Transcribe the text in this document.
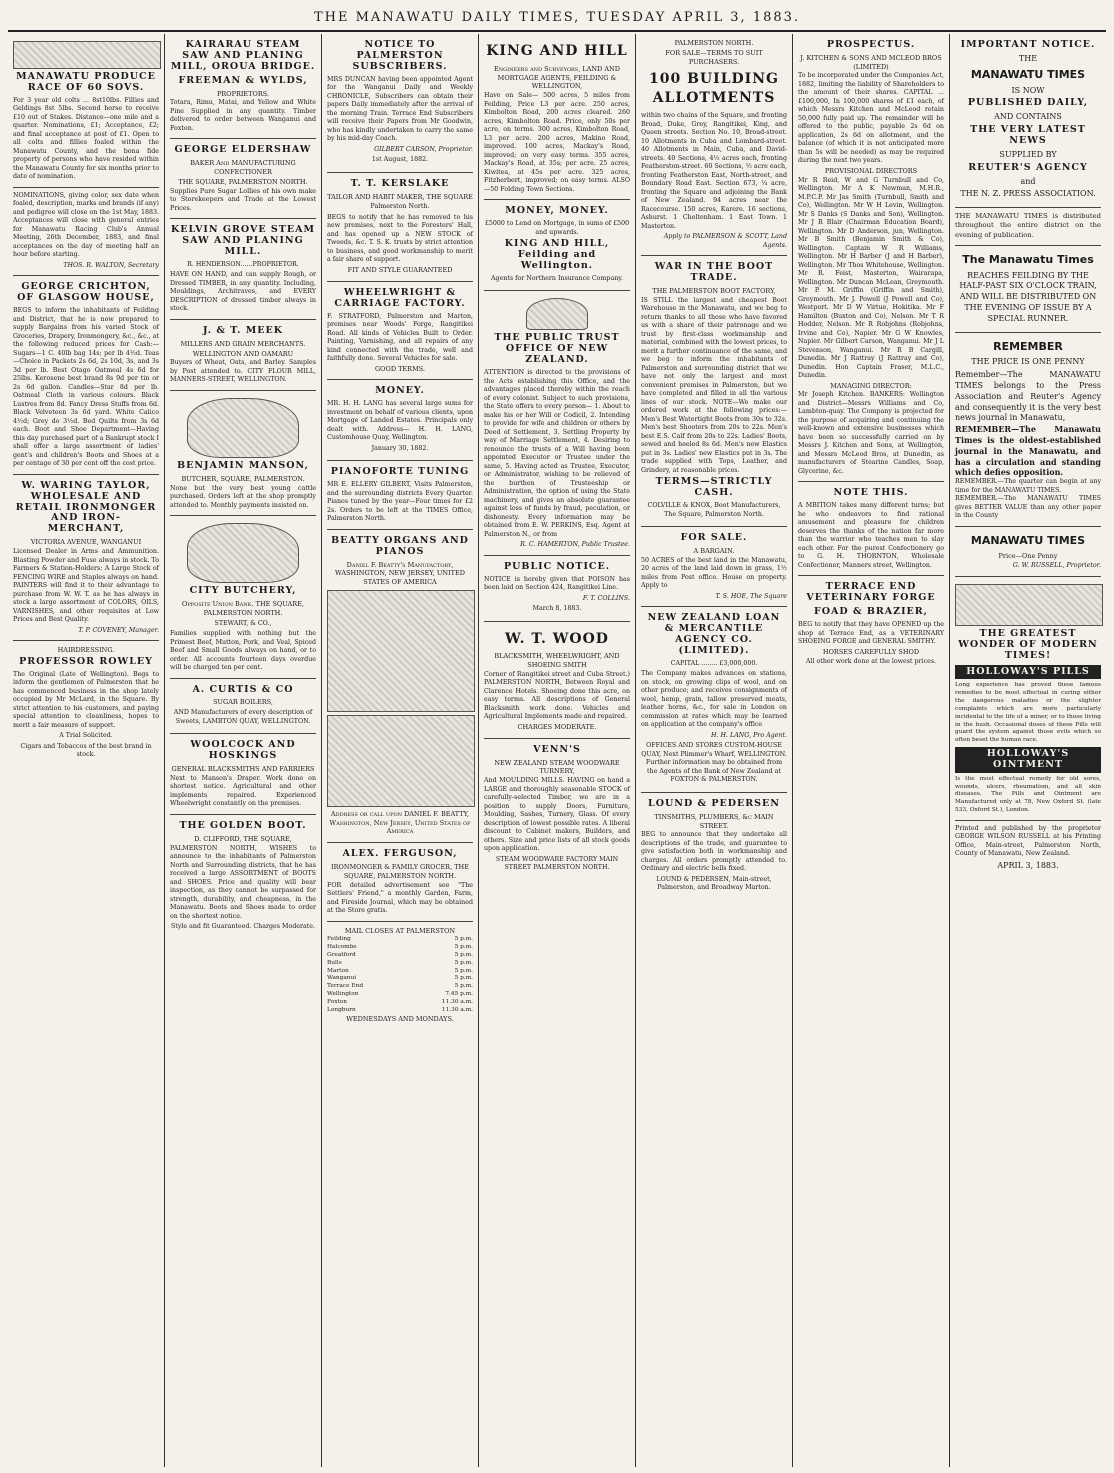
THE MANAWATU DAILY TIMES, TUESDAY APRIL 3, 1883.
MANAWATU PRODUCE RACE OF 60 SOVS.
For 3 year old colts ... 8st10lbs. Fillies and Geldings 8st 5lbs. Second horse to receive £10 out of Stakes. Distance—one mile and a quarter. Nominations, £1; Acceptance, £2; and final acceptance at post of £1. Open to all colts and fillies foaled within the Manawatu County, and the bona fide property of persons who have resided within the Manawatu County for six months prior to date of nomination.
NOMINATIONS, giving color, sex date when foaled, description, marks and brands (if any) and pedigree will close on the 1st May, 1883. Acceptances will close with general entries for Manawatu Racing Club's Annual Meeting, 26th December, 1883, and final acceptances on the day of meeting half an hour before starting.
THOS. R. WALTON, Secretary
GEORGE CRICHTON, OF GLASGOW HOUSE,
BEGS to inform the inhabitants of Feilding and District, that he is now prepared to supply Bargains from his varied Stock of Groceries, Drapery, Ironmongery, &c., &c., at the following reduced prices for Cash:— Sugars—1 C. 40lb bag 14s; per lb 4½d. Teas—Choice in Packets 2s 6d, 2s 10d, 3s, and 3s 3d per lb. Best Otago Oatmeal 4s 6d for 25lbs. Kerosene best brand 8s 9d per tin or 2s 6d gallon. Candles—Star 8d per lb. Oatmeal Cloth in various colours. Black Lustres from 8d. Fancy Dress Stuffs from 6d. Black Velveteen 3s 6d yard. White Calico 4½d; Grey do 3½d. Bed Quilts from 3s 6d each. Boot and Shoe Department—Having this day purchased part of a Bankrupt stock I shall offer a large assortment of ladies' gent's and children's Boots and Shoes at a per centage of 30 per cent off the cost price.
W. WARING TAYLOR, WHOLESALE AND RETAIL IRONMONGER AND IRON-MERCHANT,
VICTORIA AVENUE, WANGANUI
Licensed Dealer in Arms and Ammunition. Blasting Powder and Fuse always in stock. To Farmers & Station-Holders: A Large Stock of FENCING WIRE and Staples always on hand. PAINTERS will find it to their advantage to purchase from W. W. T. as he has always in stock a large assortment of COLORS, OILS, VARNISHES, and other requisites at Low Prices and Best Quality.
T. P. COVENEY, Manager.
HAIRDRESSING.
PROFESSOR ROWLEY
The Original (Late of Wellington). Begs to inform the gentlemen of Palmerston that he has commenced business in the shop lately occupied by Mr McLard, in the Square. By strict attention to his customers, and paying special attention to cleanliness, hopes to merit a fair measure of support.
A Trial Solicited.
Cigars and Tobaccos of the best brand in stock.
KAIRARAU STEAM SAW AND PLANING MILL, OROUA BRIDGE.
FREEMAN & WYLDS,
PROPRIETORS.
Totara, Rimu, Matai, and Yellow and White Pine Supplied in any quantity. Timber delivered to order between Wanganui and Foxton.
GEORGE ELDERSHAW
BAKER And MANUFACTURING CONFECTIONER
THE SQUARE, PALMERSTON NORTH.
Supplies Pure Sugar Lollies of his own make to Storekeepers and Trade at the Lowest Prices.
KELVIN GROVE STEAM SAW AND PLANING MILL.
R. HENDERSON......PROPRIETOR.
HAVE ON HAND, and can supply Rough, or Dressed TIMBER, in any quantity. Including, Mouldings, Architraves, and EVERY DESCRIPTION of dressed timber always in stock.
J. & T. MEEK
MILLERS AND GRAIN MERCHANTS.
WELLINGTON AND OAMARU
Buyers of Wheat, Oats, and Barley. Samples by Post attended to. CITY FLOUR MILL, MANNERS-STREET, WELLINGTON.
BENJAMIN MANSON,
BUTCHER, SQUARE, PALMERSTON.
None but the very best young cattle purchased. Orders left at the shop promptly attended to. Monthly payments insisted on.
CITY BUTCHERY,
Opposite Union Bank. THE SQUARE, PALMERSTON NORTH.
STEWART, & CO.,
Families supplied with nothing but the Primest Beef, Mutton, Pork, and Veal, Spiced Beef and Small Goods always on hand, or to order. All accounts fourteen days overdue will be charged ten per cent.
A. CURTIS & CO
SUGAR BOILERS,
AND Manufacturers of every description of Sweets, LAMBTON QUAY, WELLINGTON.
WOOLCOCK AND HOSKINGS
GENERAL BLACKSMITHS AND FARRIERS
Next to Manson's Draper. Work done on shortest notice. Agricultural and other implements repaired. Experienced Wheelwright constantly on the premises.
THE GOLDEN BOOT.
D. CLIFFORD, THE SQUARE,
PALMERSTON NORTH, WISHES to announce to the inhabitants of Palmerston North and Surrounding districts, that he has received a large ASSORTMENT of BOOTS and SHOES. Price and quality will bear inspection, as they cannot be surpassed for strength, durability, and cheapness, in the Manawatu. Boots and Shoes made to order on the shortest notice.
Style and fit Guaranteed. Charges Moderate.
NOTICE TO PALMERSTON SUBSCRIBERS.
MRS DUNCAN having been appointed Agent for the Wanganui Daily and Weekly CHRONICLE, Subscribers can obtain their papers Daily immediately after the arrival of the morning Train. Terrace End Subscribers will receive their Papers from Mr Goodwin, who has kindly undertaken to carry the same by his mid-day Coach.
GILBERT CARSON, Proprietor.
1st August, 1882.
T. T. KERSLAKE
TAILOR AND HABIT MAKER, THE SQUARE
Palmerston North.
BEGS to notify that he has removed to his new premises, next to the Foresters' Hall, and has opened up a NEW STOCK of Tweeds, &c. T. S. K. trusts by strict attention to business, and good workmanship to merit a fair share of support.
FIT AND STYLE GUARANTEED
WHEELWRIGHT & CARRIAGE FACTORY.
F. STRATFORD, Palmerston and Marton, premises near Woods' Forge, Rangitikei Road. All kinds of Vehicles Built to Order. Painting, Varnishing, and all repairs of any kind connected with the trade, well and faithfully done. Several Vehicles for sale.
GOOD TERMS.
MONEY.
MR. H. H. LANG has several large sums for investment on behalf of various clients, upon Mortgage of Landed Estates. Principals only dealt with. Address— H. H. LANG, Customhouse Quay, Wellington.
January 30, 1882.
PIANOFORTE TUNING
MR E. ELLERY GILBERT, Visits Palmerston, and the surrounding districts Every Quarter. Pianos tuned by the year—Four times for £2 2s. Orders to be left at the TIMES Office, Palmerston North.
BEATTY ORGANS AND PIANOS
Daniel F. Beatty's Manufactory, WASHINGTON, NEW JERSEY, UNITED STATES OF AMERICA
Address or call upon DANIEL F. BEATTY, Washington, New Jersey, United States of America
ALEX. FERGUSON,
IRONMONGER & FAMILY GROCER, THE SQUARE, PALMERSTON NORTH.
FOR detailed advertisement see "The Settlers' Friend," a monthly Garden, Farm, and Fireside Journal, which may be obtained at the Store gratis.
MAIL CLOSES AT PALMERSTON
Feilding	5 p.m.
Halcombe	5 p.m.
Greatford	5 p.m.
Bulls	5 p.m.
Marton	5 p.m.
Wanganui	5 p.m.
Terrace End	5 p.m.
Wellington	7.45 p.m.
Foxton	11.30 a.m.
Longburn	11.30 a.m.
WEDNESDAYS AND MONDAYS.
KING AND HILL
Engineers and Surveyors, LAND AND MORTGAGE AGENTS, FEILDING & WELLINGTON,
Have on Sale— 500 acres, 5 miles from Feilding, Price L3 per acre. 250 acres, Kimbolton Road, 200 acres cleared. 260 acres, Kimbolton Road. Price, only 50s per acre, on terms. 300 acres, Kimbolton Road, L3 per acre. 200 acres, Makino Road, improved. 100 acres, Mackay's Road, improved; on very easy terms. 355 acres, Mackay's Road, at 35s; per acre. 25 acres, Kiwitea, at 45s per acre. 325 acres, Fitzherbert, improved; on easy terms. ALSO—50 Folding Town Sections.
MONEY, MONEY.
£5000 to Lend on Mortgage, in sums of £500 and upwards.
KING AND HILL, Feilding and Wellington.
Agents for Northern Insurance Company.
THE PUBLIC TRUST OFFICE OF NEW ZEALAND.
ATTENTION is directed to the provisions of the Acts establishing this Office, and the advantages placed thereby within the reach of every colonist. Subject to such provisions, the State offers to every person— 1. About to make his or her Will or Codicil, 2. Intending to provide for wife and children or others by Deed of Settlement, 3. Settling Property by way of Marriage Settlement, 4. Desiring to renounce the trusts of a Will having been appointed Executor or Trustee under the same, 5. Having acted as Trustee, Executor, or Administrator, wishing to be relieved of the burthen of Trusteeship or Administration, the option of using the State machinery, and gives an absolute guarantee against loss of funds by fraud, peculation, or dishonesty. Every information may be obtained from E. W. PERKINS, Esq. Agent at Palmerston N., or from
R. C. HAMERTON, Public Trustee.
PUBLIC NOTICE.
NOTICE is hereby given that POISON has been laid on Section 424, Rangitikei Line.
F. T. COLLINS.
March 8, 1883.
W. T. WOOD
BLACKSMITH, WHEELWRIGHT, AND SHOEING SMITH
Corner of Rangitikei street and Cuba Street.) PALMERSTON NORTH, Between Royal and Clarence Hotels. Shoeing done this acre, on easy terms. All descriptions of General Blacksmith work done. Vehicles and Agricultural Implements made and repaired.
CHARGES MODERATE.
VENN'S
NEW ZEALAND STEAM WOODWARE TURNERY,
And MOULDING MILLS. HAVING on hand a LARGE and thoroughly seasonable STOCK of carefully-selected Timber, we are in a position to supply Doors, Furniture, Moulding, Sashes, Turnery, Glass. Of every description of lowest possible rates. A liberal discount to Cabinet makers, Builders, and others. Size and price lists of all stock goods upon application.
STEAM WOODWARE FACTORY MAIN STREET PALMERSTON NORTH.
PALMERSTON NORTH.
FOR SALE—TERMS TO SUIT PURCHASERS.
100 BUILDING ALLOTMENTS
within two chains of the Square, and fronting Broad, Duke, Grey, Rangitikei, King, and Queen streets. Section No. 10, Broad-street. 10 Allotments in Cuba and Lombard-street. 40 Allotments in Main, Cuba, and David-streets. 40 Sections, 4½ acres each, fronting Featherston-street. 60 Sections, ½ acre each, fronting Featherston East, North-street, and Boundary Road East. Section 673, ¼ acre, fronting the Square and adjoining the Bank of New Zealand. 94 acres near the Racecourse. 150 acres, Karere. 16 sections, Ashurst. 1 Cheltenham. 1 East Town. 1 Masterton.
Apply to PALMERSON & SCOTT, Land Agents.
WAR IN THE BOOT TRADE.
THE PALMERSTON BOOT FACTORY,
IS STILL the largest and cheapest Boot Warehouse in the Manawatu, and we beg to return thanks to all those who have favored us with a share of their patronage and we trust by first-class workmanship and material, combined with the lowest prices, to merit a further continuance of the same, and we beg to inform the inhabitants of Palmerston and surrounding district that we have not only the largest and most convenient premises in Palmerston, but we have completed and filled in all the various lines of our stock. NOTE—We make our ordered work at the following prices:— Men's Best Watertight Boots from 30s to 32s. Men's best Shooters from 20s to 22s. Men's best E.S. Calf from 20s to 22s. Ladies' Boots, sewed and heeled 8s 6d. Men's new Elastics put in 3s. Ladies' new Elastics put in 3s. The trade supplied with Tops, Leather, and Grindery, at reasonable prices.
TERMS—STRICTLY CASH.
COLVILLE & KNOX, Boot Manufacturers, The Square, Palmerston North.
FOR SALE.
A BARGAIN.
50 ACRES of the best land in the Manawatu, 20 acres of the land laid down in grass, 1½ miles from Post office. House on property. Apply to
T. S. HOE, The Square
NEW ZEALAND LOAN & MERCANTILE AGENCY CO. (LIMITED).
CAPITAL ........ £3,000,000.
The Company makes advances on stations, on stock, on growing clips of wool, and on other produce; and receives consignments of wool, hemp, grain, tallow preserved meats, leather horns, &c., for sale in London on commission at rates which may be learned on application at the company's office
H. H. LANG, Pro Agent.
OFFICES AND STORES CUSTOM-HOUSE QUAY, Next Plimmer's Wharf, WELLINGTON. Further information may be obtained from the Agents of the Bank of New Zealand at FOXTON & PALMERSTON.
LOUND & PEDERSEN
TINSMITHS, PLUMBERS, &c MAIN STREET.
BEG to announce that they undertake all descriptions of the trade, and guarantee to give satisfaction both in workmanship and charges. All orders promptly attended to. Ordinary and electric bells fixed.
LOUND & PEDERSEN, Main-street, Palmerston, and Broadway Marton.
PROSPECTUS.
J. KITCHEN & SONS AND MCLEOD BROS (LIMITED)
To be incorporated under the Companies Act, 1882, limiting the liability of Shareholders to the amount of their shares. CAPITAL ... £100,000, In 100,000 shares of £1 each, of which Messrs Kitchen and McLeod retain 50,000 fully paid up. The remainder will be offered to the public, payable 2s 6d on application, 2s 6d on allotment, and the balance (of which it is not anticipated more than 5s will be needed) as may be required during the next two years.
PROVISIONAL DIRECTORS
Mr R Reid, W and G Turnbull and Co, Wellington. Mr A K Newman, M.H.R., M.P.C.P. Mr Jas Smith (Turnbull, Smith and Co), Wellington. Mr W H Levin, Wellington. Mr S Danks (S Danks and Son), Wellington. Mr J R Blair (Chairman Education Board), Wellington. Mr D Anderson, jun, Wellington. Mr B Smith (Benjamin Smith & Co), Wellington. Captain W R Williams, Wellington. Mr H Barber (J and H Barber), Wellington. Mr Thos Whitehouse, Wellington. Mr R. Feist, Masterton, Wairarapa, Wellington. Mr Duncan McLean, Greymouth. Mr P. M. Griffin (Griffin and Smith), Greymouth. Mr J. Powell (J Powell and Co), Westport. Mr D W Virtue, Hokitika. Mr F Hamilton (Buxton and Co), Nelson. Mr T R Hodder, Nelson. Mr R Robjohns (Robjohns, Irvine and Co), Napier. Mr G W Knowles, Napier. Mr Gilbert Carson, Wanganui. Mr J L Stevenson, Wanganui. Mr R B Cargill, Dunedin. Mr J Rattray (J Rattray and Co), Dunedin. Hon Captain Fraser, M.L.C., Dunedin.
MANAGING DIRECTOR:
Mr Joseph Kitchen. BANKERS: Wellington and District—Messrs Williams and Co, Lambton-quay. The Company is projected for the purpose of acquiring and continuing the well-known and extensive businesses which have been so successfully carried on by Messrs J. Kitchen and Sons, at Wellington, and Messrs McLeod Bros, at Dunedin, as manufacturers of Stearine Candles, Soap, Glycerine, &c.
NOTE THIS.
A MBITION takes many different turns; but he who endeavors to find rational amusement and pleasure for children deserves the thanks of the nation far more than the warrior who teaches men to slay each other. For the purest Confectionery go to G. H. THORNTON, Wholesale Confectioner, Manners street, Wellington.
TERRACE END VETERINARY FORGE
FOAD & BRAZIER,
BEG to notify that they have OPENED up the shop at Terrace End, as a VETERINARY SHOEING FORGE and GENERAL SMITHY.
HORSES CAREFULLY SHOD
All other work done at the lowest prices.
IMPORTANT NOTICE.
THE
MANAWATU TIMES
IS NOW
PUBLISHED DAILY,
AND CONTAINS
THE VERY LATEST NEWS
SUPPLIED BY
REUTER'S AGENCY
and
THE N. Z. PRESS ASSOCIATION.
THE MANAWATU TIMES is distributed throughout the entire district on the evening of publication.
The Manawatu Times
REACHES FEILDING BY THE HALF-PAST SIX O'CLOCK TRAIN, AND WILL BE DISTRIBUTED ON THE EVENING OF ISSUE BY A SPECIAL RUNNER.
REMEMBER
THE PRICE IS ONE PENNY
Remember—The MANAWATU TIMES belongs to the Press Association and Reuter's Agency and consequently it is the very best news journal in Manawatu,
REMEMBER—The Manawatu Times is the oldest-established journal in the Manawatu, and has a circulation and standing which defies opposition.
REMEMBER.—The quarter can begin at any time for the MANAWATU TIMES.
REMEMBER.—The MANAWATU TIMES gives BETTER VALUE than any other paper in the County
MANAWATU TIMES
Price—One Penny
G. W. RUSSELL, Proprietor.
THE GREATEST WONDER OF MODERN TIMES!
HOLLOWAY'S PILLS
Long experience has proved these famous remedies to be most effectual in curing either the dangerous maladies or the slighter complaints which are more particularly incidental to the life of a miner, or to those living in the bush. Occasional doses of these Pills will guard the system against those evils which so often beset the human race.
HOLLOWAY'S OINTMENT
Is the most effectual remedy for old sores, wounds, ulcers, rheumatism, and all skin diseases. The Pills and Ointment are Manufactured only at 78, New Oxford St. (late 533, Oxford St.), London.
Printed and published by the proprietor GEORGE WILSON RUSSELL at his Printing Office, Main-street, Palmerston North, County of Manawatu, New Zealand.
APRIL 3, 1883.
